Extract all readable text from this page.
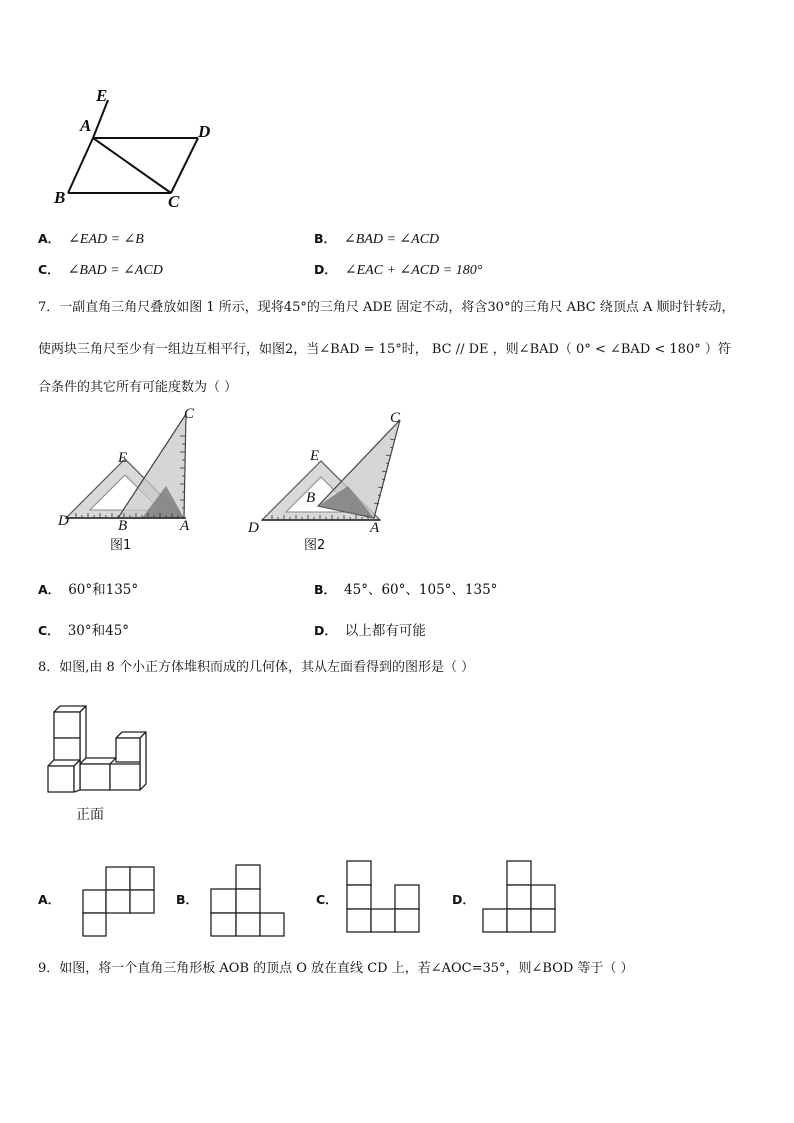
E
A	D
B	C
A． ∠EAD = ∠B	B． ∠BAD = ∠ACD
C． ∠BAD = ∠ACD	D． ∠EAC + ∠ACD = 180°
7．一副直角三角尺叠放如图 1 所示，现将45°的三角尺 ADE 固定不动，将含30°的三角尺 ABC 绕顶点 A 顺时针转动，
使两块三角尺至少有一组边互相平行，如图2，当∠BAD = 15°时， BC // DE ，则∠BAD（ 0° < ∠BAD < 180° ）符
合条件的其它所有可能度数为（ ）
E
D	B	A
C
图1
E
B
D	A
C
图2
A． 60°和135°	B． 45°、60°、105°、135°
C． 30°和45°	D． 以上都有可能
8．如图,由 8 个小正方体堆积而成的几何体，其从左面看得到的图形是（ ）
正面
A．	B．	C．	D．
9．如图，将一个直角三角形板 AOB 的顶点 O 放在直线 CD 上，若∠AOC=35°，则∠BOD 等于（ ）
